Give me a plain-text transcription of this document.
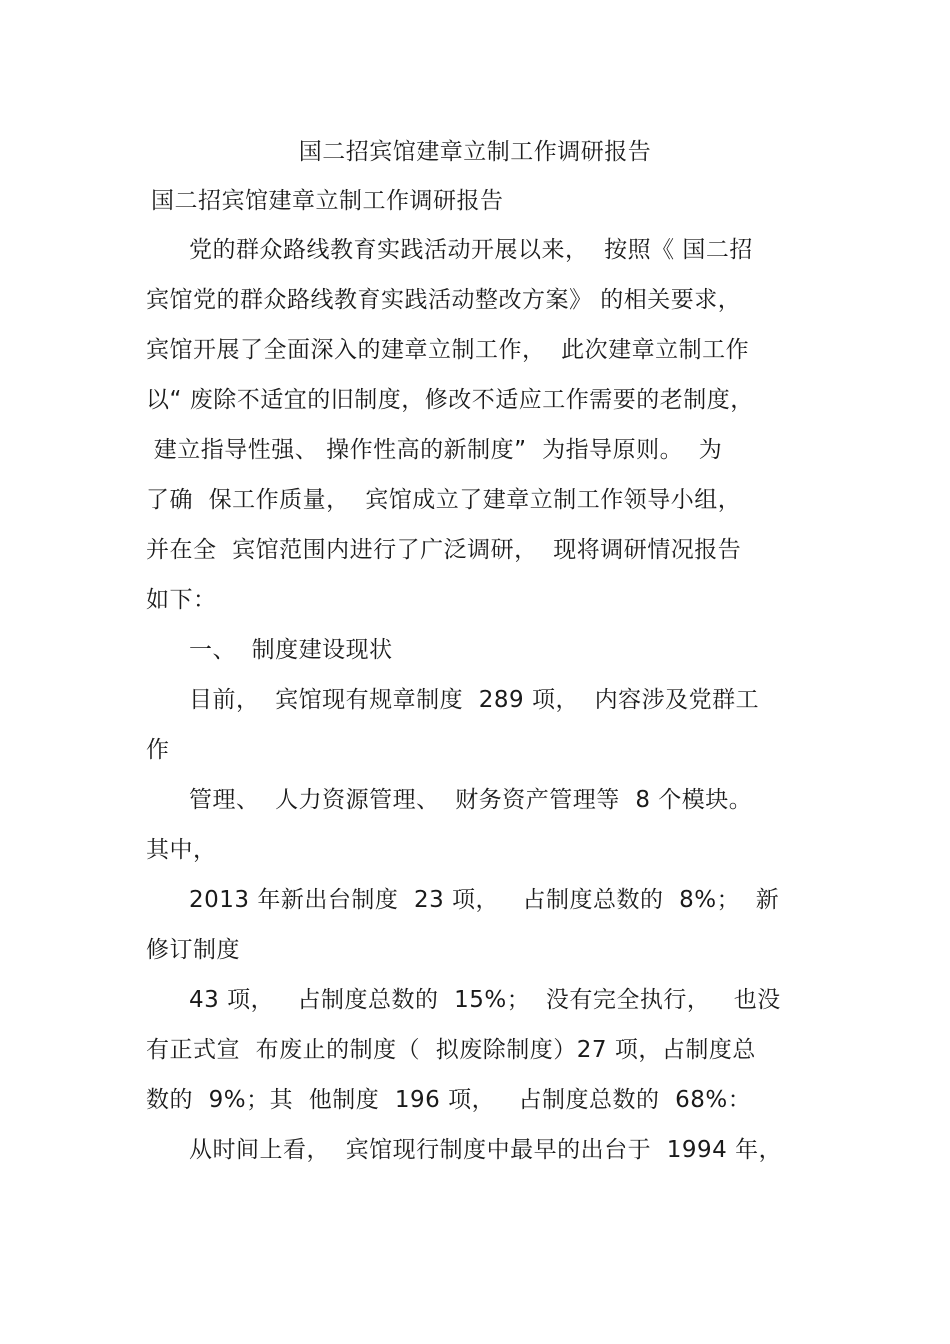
国二招宾馆建章立制工作调研报告
国二招宾馆建章立制工作调研报告
党的群众路线教育实践活动开展以来，  按照《 国二招
宾馆党的群众路线教育实践活动整改方案》 的相关要求，
宾馆开展了全面深入的建章立制工作，  此次建章立制工作
以“ 废除不适宜的旧制度，修改不适应工作需要的老制度，
建立指导性强、 操作性高的新制度”  为指导原则。  为
了确  保工作质量，  宾馆成立了建章立制工作领导小组，
并在全  宾馆范围内进行了广泛调研，  现将调研情况报告
如下：
一、  制度建设现状
目前，  宾馆现有规章制度  289 项，  内容涉及党群工
作
管理、  人力资源管理、  财务资产管理等  8 个模块。
其中，
2013 年新出台制度  23 项，   占制度总数的  8%；  新
修订制度
43 项，   占制度总数的  15%；  没有完全执行，   也没
有正式宣  布废止的制度（  拟废除制度）27 项，占制度总
数的  9%；其  他制度  196 项，   占制度总数的  68%：
从时间上看，  宾馆现行制度中最早的出台于  1994 年，
